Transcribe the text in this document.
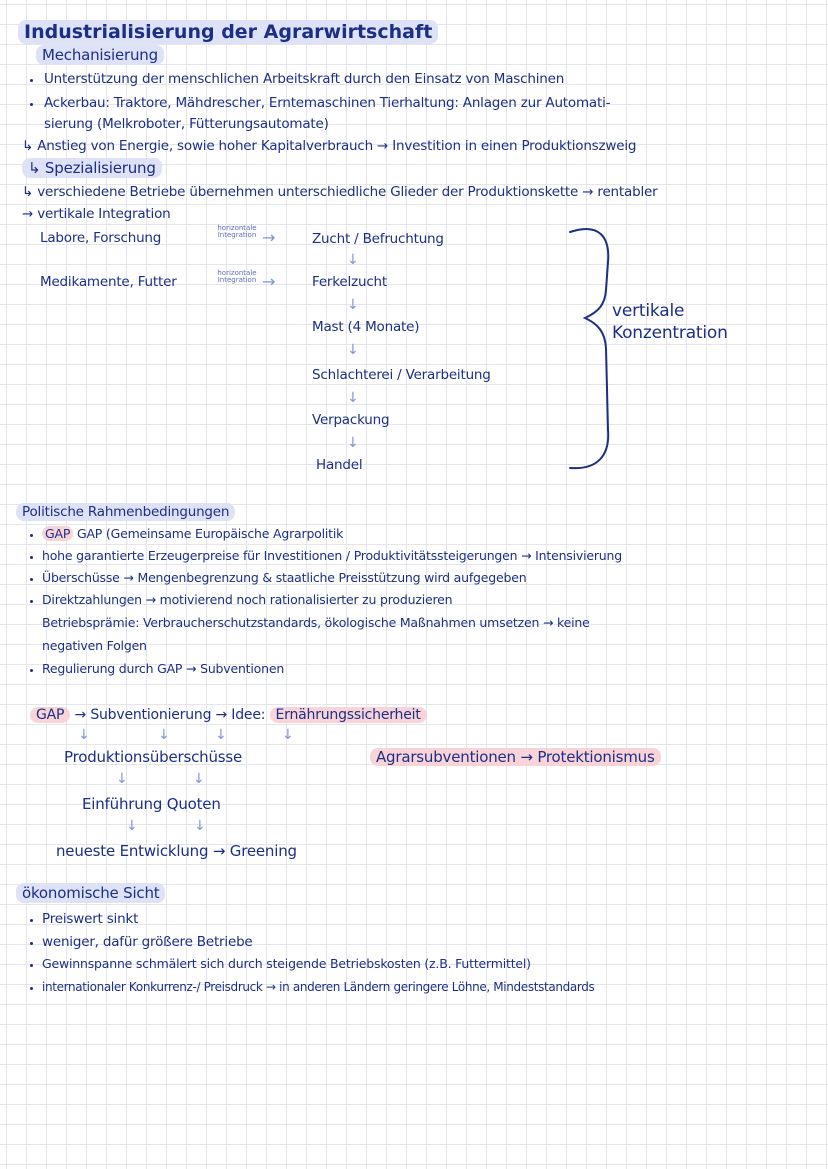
Industrialisierung der Agrarwirtschaft
Mechanisierung
Unterstützung der menschlichen Arbeitskraft durch den Einsatz von Maschinen
Ackerbau: Traktore, Mähdrescher, Erntemaschinen Tierhaltung: Anlagen zur Automati-
sierung (Melkroboter, Fütterungsautomate)
↳ Anstieg von Energie, sowie hoher Kapitalverbrauch → Investition in einen Produktionszweig
↳ Spezialisierung
↳ verschiedene Betriebe übernehmen unterschiedliche Glieder der Produktionskette → rentabler
→ vertikale Integration
Labore, Forschung
horizontale Integration →
Medikamente, Futter
horizontale Integration →
Zucht / Befruchtung
↓
Ferkelzucht
↓
Mast (4 Monate)
↓
Schlachterei / Verarbeitung
↓
Verpackung
↓
Handel
vertikale
Konzentration
Politische Rahmenbedingungen
GAP GAP (Gemeinsame Europäische Agrarpolitik
hohe garantierte Erzeugerpreise für Investitionen / Produktivitätssteigerungen → Intensivierung
Überschüsse → Mengenbegrenzung & staatliche Preisstützung wird aufgegeben
Direktzahlungen → motivierend noch rationalisierter zu produzieren
Betriebsprämie: Verbraucherschutzstandards, ökologische Maßnahmen umsetzen → keine
negativen Folgen
Regulierung durch GAP → Subventionen
GAP → Subventionierung → Idee: Ernährungssicherheit
↓	↓	↓	↓
Produktionsüberschüsse
↓	↓
Einführung Quoten
↓	↓
neueste Entwicklung → Greening
Agrarsubventionen → Protektionismus
ökonomische Sicht
Preiswert sinkt
weniger, dafür größere Betriebe
Gewinnspanne schmälert sich durch steigende Betriebskosten (z.B. Futtermittel)
internationaler Konkurrenz-/ Preisdruck → in anderen Ländern geringere Löhne, Mindeststandards
